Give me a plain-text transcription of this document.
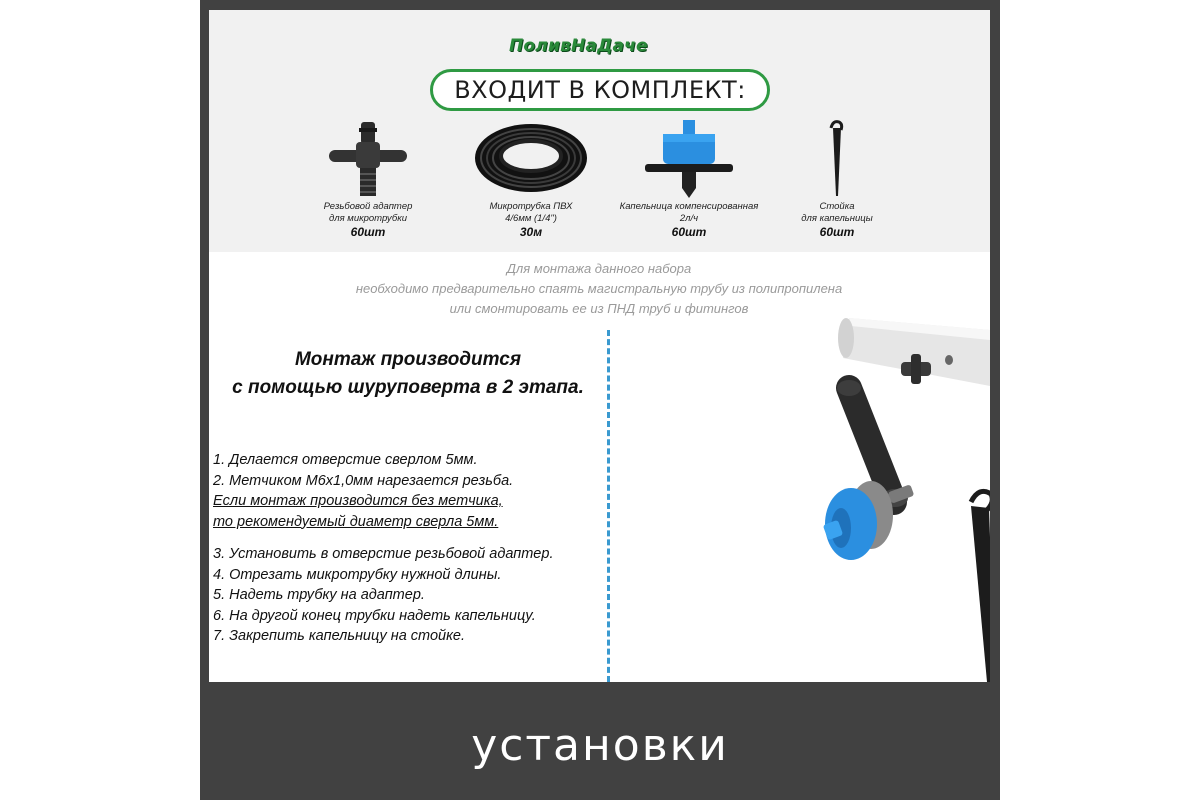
ПоливНаДаче
ВХОДИТ В КОМПЛЕКТ:
Резьбовой адаптер
для микротрубки
60шт
Микротрубка ПВХ
4/6мм (1/4")
30м
Капельница компенсированная
2л/ч
60шт
Стойка
для капельницы
60шт
Для монтажа данного набора
необходимо предварительно спаять магистральную трубу из полипропилена
или смонтировать ее из ПНД труб и фитингов
Монтаж производится
с помощью шуруповерта в 2 этапа.
1. Делается отверстие сверлом 5мм.
2. Метчиком М6х1,0мм нарезается резьба.
Если монтаж производится без метчика,
то рекомендуемый диаметр сверла 5мм.
3. Установить в отверстие резьбовой адаптер.
4. Отрезать микротрубку нужной длины.
5. Надеть трубку на адаптер.
6. На другой конец трубки надеть капельницу.
7. Закрепить капельницу на стойке.
установки
